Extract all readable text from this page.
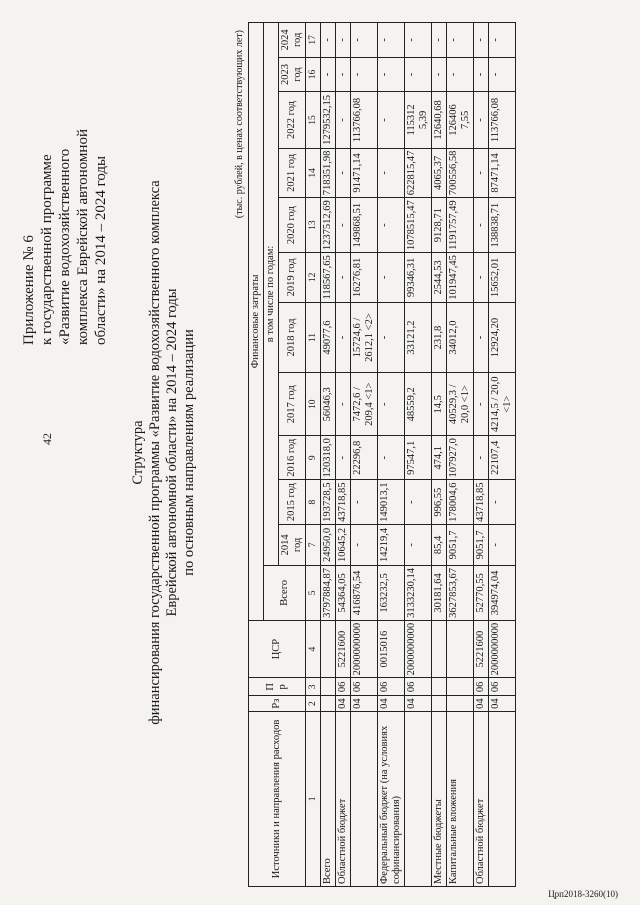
42
Приложение № 6 к государственной программе «Развитие водохозяйственного комплекса Еврейской автономной области» на 2014 – 2024 годы
Структура финансирования государственной программы «Развитие водохозяйственного комплекса Еврейской автономной области» на 2014 – 2024 годы по основным направлениям реализации
(тыс. рублей, в ценах соответствующих лет)
Источники и направления расходов	Рз	П р	ЦСР	Финансовые затраты											
				Всего	в том числе по годам:										
					2014 год	2015 год	2016 год	2017 год	2018 год	2019 год	2020 год	2021 год	2022 год	2023 год	2024 год
1	2	3	4	5	7	8	9	10	11	12	13	14	15	16	17
Всего				3797884,87	24950,0	193728,5	120318,0	56046,3	49077,6	118567,65	1237512,69	718351,98	1279532,15	-	-
Областной бюджет	04	06	5221600	54364,05	10645,2	43718,85	-	-	-	-	-	-	-	-	-
	04	06	2000000000	416876,54	-	-	22296,8	7472,6 / 209,4 <1>	15724,6 / 2612,1 <2>	16276,81	149868,51	91471,14	113766,08	-	-
Федеральный бюджет (на условиях софинансирования)	04	06	0015016	163232,5	14219,4	149013,1	-	-	-	-	-	-	-	-	-
	04	06	2000000000	3133230,14	-	-	97547,1	48559,2	33121,2	99346,31	1078515,47	622815,47	115312 5,39	-	-
Местные бюджеты				30181,64	85,4	996,55	474,1	14,5	231,8	2544,53	9128,71	4065,37	12640,68	-	-
Капитальные вложения				3627853,67	9051,7	178004,6	107927,0	40529,3 / 20,0 <1>	34012,0	101947,45	1191757,49	700556,58	126406 7,55	-	-
Областной бюджет	04	06	5221600	52770,55	9051,7	43718,85	-	-	-	-	-	-	-	-	-
	04	06	2000000000	394974,04	-	-	22107,4	4214,5 / 20,0 <1>	12924,20	15652,01	138838,71	87471,14	113766,08	-	-
Црп2018-3260(10)
